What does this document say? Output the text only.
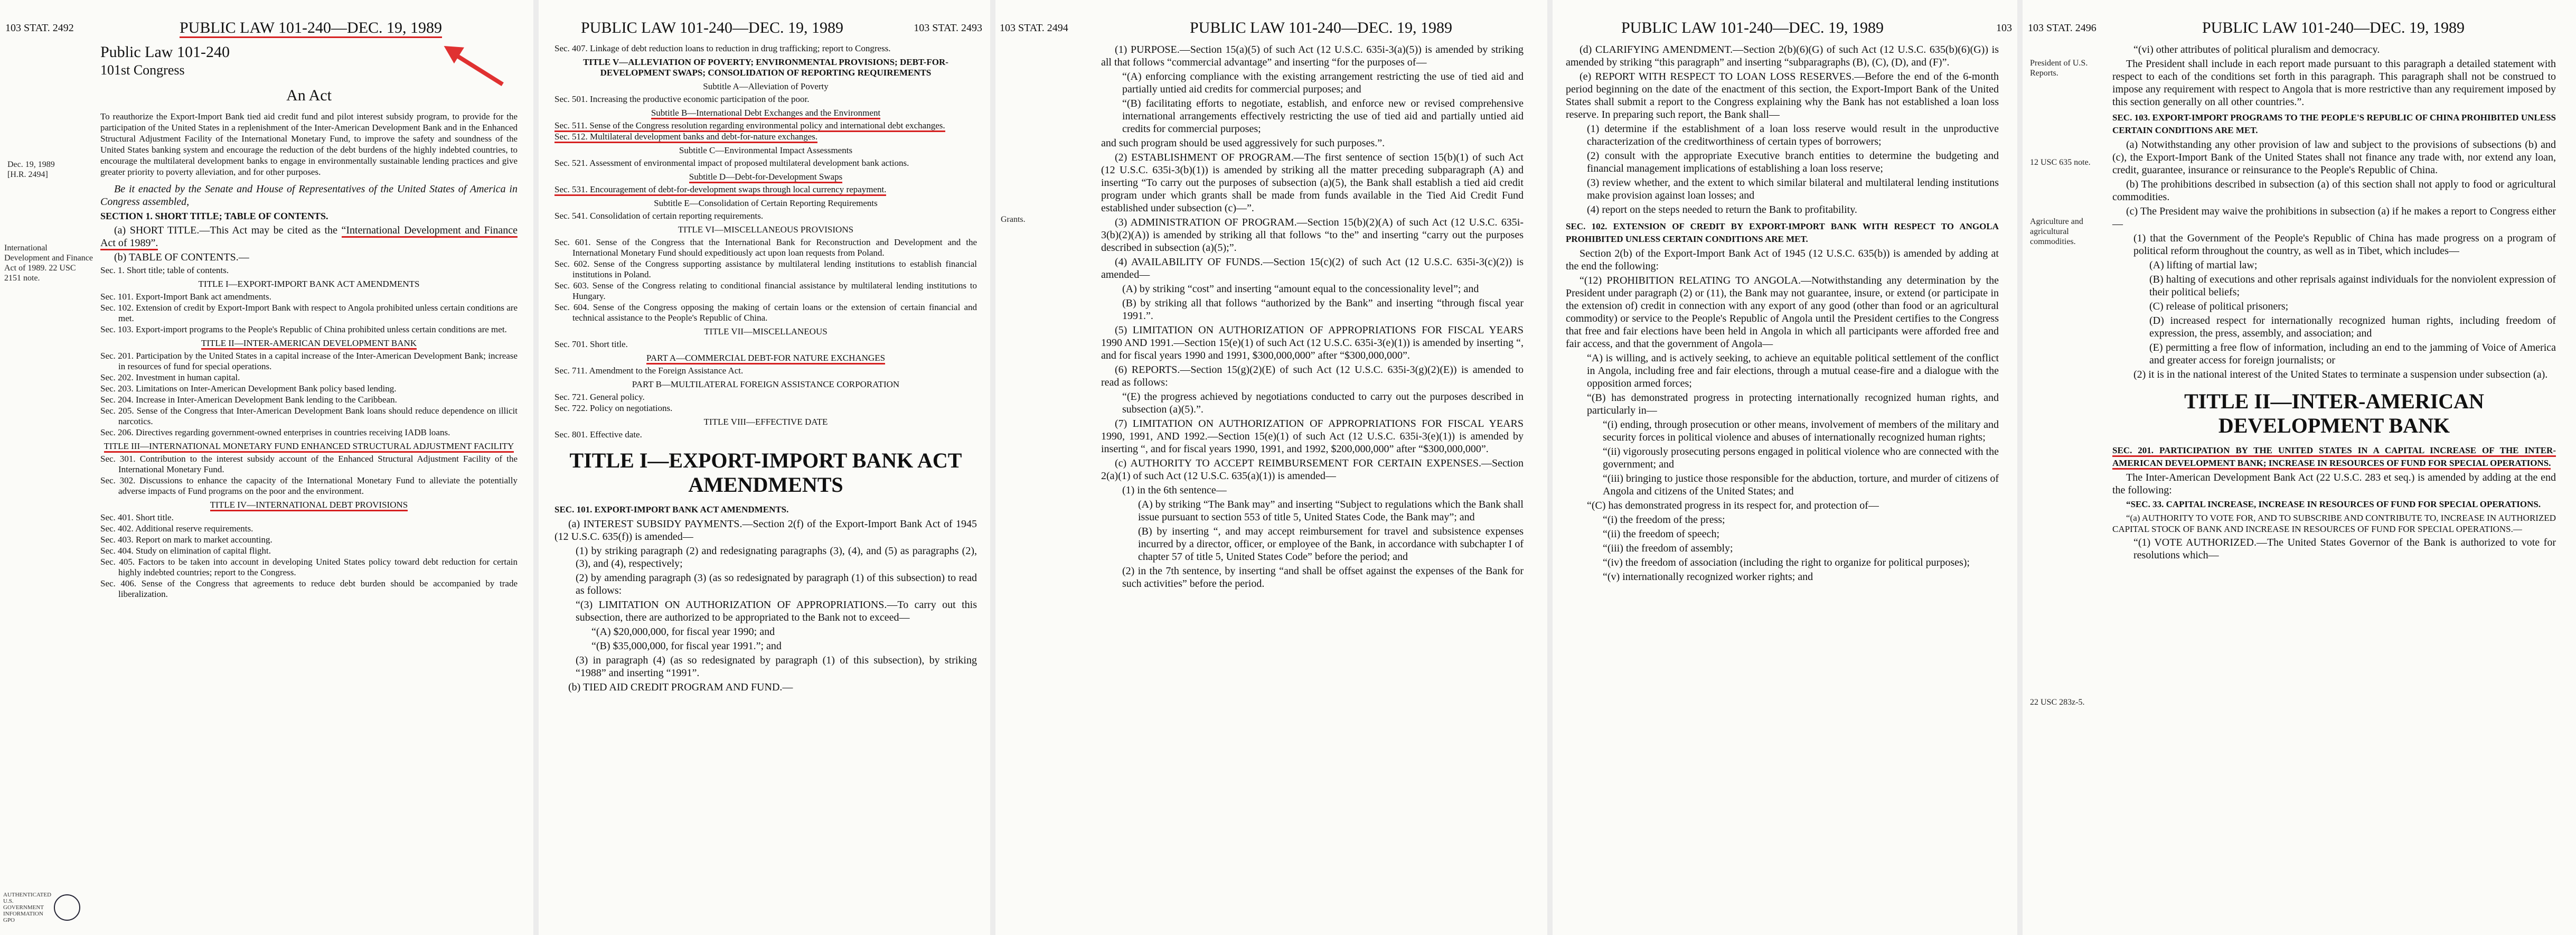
103 STAT. 2492	PUBLIC LAW 101-240—DEC. 19, 1989
Dec. 19, 1989
[H.R. 2494]
International Development and Finance Act of 1989. 22 USC 2151 note.
Public Law 101-240
101st Congress
An Act

To reauthorize the Export-Import Bank tied aid credit fund and pilot interest subsidy program, to provide for the participation of the United States in a replenishment of the Inter-American Development Bank and in the Enhanced Structural Adjustment Facility of the International Monetary Fund, to improve the safety and soundness of the United States banking system and encourage the reduction of the debt burdens of the highly indebted countries, to encourage the multilateral development banks to engage in environmentally sustainable lending practices and give greater priority to poverty alleviation, and for other purposes.

Be it enacted by the Senate and House of Representatives of the United States of America in Congress assembled,

SECTION 1. SHORT TITLE; TABLE OF CONTENTS.

(a) SHORT TITLE.—This Act may be cited as the “International Development and Finance Act of 1989”.

(b) TABLE OF CONTENTS.—

Sec. 1. Short title; table of contents.
TITLE I—EXPORT-IMPORT BANK ACT AMENDMENTS
Sec. 101. Export-Import Bank act amendments.
Sec. 102. Extension of credit by Export-Import Bank with respect to Angola prohibited unless certain conditions are met.
Sec. 103. Export-import programs to the People's Republic of China prohibited unless certain conditions are met.
TITLE II—INTER-AMERICAN DEVELOPMENT BANK
Sec. 201. Participation by the United States in a capital increase of the Inter-American Development Bank; increase in resources of fund for special operations.
Sec. 202. Investment in human capital.
Sec. 203. Limitations on Inter-American Development Bank policy based lending.
Sec. 204. Increase in Inter-American Development Bank lending to the Caribbean.
Sec. 205. Sense of the Congress that Inter-American Development Bank loans should reduce dependence on illicit narcotics.
Sec. 206. Directives regarding government-owned enterprises in countries receiving IADB loans.
TITLE III—INTERNATIONAL MONETARY FUND ENHANCED STRUCTURAL ADJUSTMENT FACILITY
Sec. 301. Contribution to the interest subsidy account of the Enhanced Structural Adjustment Facility of the International Monetary Fund.
Sec. 302. Discussions to enhance the capacity of the International Monetary Fund to alleviate the potentially adverse impacts of Fund programs on the poor and the environment.
TITLE IV—INTERNATIONAL DEBT PROVISIONS
Sec. 401. Short title.
Sec. 402. Additional reserve requirements.
Sec. 403. Report on mark to market accounting.
Sec. 404. Study on elimination of capital flight.
Sec. 405. Factors to be taken into account in developing United States policy toward debt reduction for certain highly indebted countries; report to the Congress.
Sec. 406. Sense of the Congress that agreements to reduce debt burden should be accompanied by trade liberalization.
AUTHENTICATED U.S. GOVERNMENT INFORMATION GPO
PUBLIC LAW 101-240—DEC. 19, 1989	103 STAT. 2493
Sec. 407. Linkage of debt reduction loans to reduction in drug trafficking; report to Congress.
TITLE V—ALLEVIATION OF POVERTY; ENVIRONMENTAL PROVISIONS; DEBT-FOR-DEVELOPMENT SWAPS; CONSOLIDATION OF REPORTING REQUIREMENTS
Subtitle A—Alleviation of Poverty
Sec. 501. Increasing the productive economic participation of the poor.
Subtitle B—International Debt Exchanges and the Environment
Sec. 511. Sense of the Congress resolution regarding environmental policy and international debt exchanges.
Sec. 512. Multilateral development banks and debt-for-nature exchanges.
Subtitle C—Environmental Impact Assessments
Sec. 521. Assessment of environmental impact of proposed multilateral development bank actions.
Subtitle D—Debt-for-Development Swaps
Sec. 531. Encouragement of debt-for-development swaps through local currency repayment.
Subtitle E—Consolidation of Certain Reporting Requirements
Sec. 541. Consolidation of certain reporting requirements.
TITLE VI—MISCELLANEOUS PROVISIONS
Sec. 601. Sense of the Congress that the International Bank for Reconstruction and Development and the International Monetary Fund should expeditiously act upon loan requests from Poland.
Sec. 602. Sense of the Congress supporting assistance by multilateral lending institutions to establish financial institutions in Poland.
Sec. 603. Sense of the Congress relating to conditional financial assistance by multilateral lending institutions to Hungary.
Sec. 604. Sense of the Congress opposing the making of certain loans or the extension of certain financial and technical assistance to the People's Republic of China.
TITLE VII—MISCELLANEOUS
Sec. 701. Short title.
PART A—COMMERCIAL DEBT-FOR NATURE EXCHANGES
Sec. 711. Amendment to the Foreign Assistance Act.
PART B—MULTILATERAL FOREIGN ASSISTANCE CORPORATION
Sec. 721. General policy.
Sec. 722. Policy on negotiations.
TITLE VIII—EFFECTIVE DATE
Sec. 801. Effective date.
TITLE I—EXPORT-IMPORT BANK ACT AMENDMENTS

SEC. 101. EXPORT-IMPORT BANK ACT AMENDMENTS.

(a) INTEREST SUBSIDY PAYMENTS.—Section 2(f) of the Export-Import Bank Act of 1945 (12 U.S.C. 635(f)) is amended—

(1) by striking paragraph (2) and redesignating paragraphs (3), (4), and (5) as paragraphs (2), (3), and (4), respectively;

(2) by amending paragraph (3) (as so redesignated by paragraph (1) of this subsection) to read as follows:

“(3) LIMITATION ON AUTHORIZATION OF APPROPRIATIONS.—To carry out this subsection, there are authorized to be appropriated to the Bank not to exceed—

“(A) $20,000,000, for fiscal year 1990; and

“(B) $35,000,000, for fiscal year 1991.”; and

(3) in paragraph (4) (as so redesignated by paragraph (1) of this subsection), by striking “1988” and inserting “1991”.

(b) TIED AID CREDIT PROGRAM AND FUND.—

103 STAT. 2494	PUBLIC LAW 101-240—DEC. 19, 1989
Grants.

(1) PURPOSE.—Section 15(a)(5) of such Act (12 U.S.C. 635i-3(a)(5)) is amended by striking all that follows “commercial advantage” and inserting “for the purposes of—

“(A) enforcing compliance with the existing arrangement restricting the use of tied aid and partially untied aid credits for commercial purposes; and

“(B) facilitating efforts to negotiate, establish, and enforce new or revised comprehensive international arrangements effectively restricting the use of tied aid and partially untied aid credits for commercial purposes;

and such program should be used aggressively for such purposes.”.

(2) ESTABLISHMENT OF PROGRAM.—The first sentence of section 15(b)(1) of such Act (12 U.S.C. 635i-3(b)(1)) is amended by striking all the matter preceding subparagraph (A) and inserting “To carry out the purposes of subsection (a)(5), the Bank shall establish a tied aid credit program under which grants shall be made from funds available in the Tied Aid Credit Fund established under subsection (c)—”.

(3) ADMINISTRATION OF PROGRAM.—Section 15(b)(2)(A) of such Act (12 U.S.C. 635i-3(b)(2)(A)) is amended by striking all that follows “to the” and inserting “carry out the purposes described in subsection (a)(5);”.

(4) AVAILABILITY OF FUNDS.—Section 15(c)(2) of such Act (12 U.S.C. 635i-3(c)(2)) is amended—

(A) by striking “cost” and inserting “amount equal to the concessionality level”; and

(B) by striking all that follows “authorized by the Bank” and inserting “through fiscal year 1991.”.

(5) LIMITATION ON AUTHORIZATION OF APPROPRIATIONS FOR FISCAL YEARS 1990 AND 1991.—Section 15(e)(1) of such Act (12 U.S.C. 635i-3(e)(1)) is amended by inserting “, and for fiscal years 1990 and 1991, $300,000,000” after “$300,000,000”.

(6) REPORTS.—Section 15(g)(2)(E) of such Act (12 U.S.C. 635i-3(g)(2)(E)) is amended to read as follows:

“(E) the progress achieved by negotiations conducted to carry out the purposes described in subsection (a)(5).”.

(7) LIMITATION ON AUTHORIZATION OF APPROPRIATIONS FOR FISCAL YEARS 1990, 1991, AND 1992.—Section 15(e)(1) of such Act (12 U.S.C. 635i-3(e)(1)) is amended by inserting “, and for fiscal years 1990, 1991, and 1992, $200,000,000” after “$300,000,000”.

(c) AUTHORITY TO ACCEPT REIMBURSEMENT FOR CERTAIN EXPENSES.—Section 2(a)(1) of such Act (12 U.S.C. 635(a)(1)) is amended—

(1) in the 6th sentence—

(A) by striking “The Bank may” and inserting “Subject to regulations which the Bank shall issue pursuant to section 553 of title 5, United States Code, the Bank may”; and

(B) by inserting “, and may accept reimbursement for travel and subsistence expenses incurred by a director, officer, or employee of the Bank, in accordance with subchapter I of chapter 57 of title 5, United States Code” before the period; and

(2) in the 7th sentence, by inserting “and shall be offset against the expenses of the Bank for such activities” before the period.

PUBLIC LAW 101-240—DEC. 19, 1989	103

(d) CLARIFYING AMENDMENT.—Section 2(b)(6)(G) of such Act (12 U.S.C. 635(b)(6)(G)) is amended by striking “this paragraph” and inserting “subparagraphs (B), (C), (D), and (F)”.

(e) REPORT WITH RESPECT TO LOAN LOSS RESERVES.—Before the end of the 6-month period beginning on the date of the enactment of this section, the Export-Import Bank of the United States shall submit a report to the Congress explaining why the Bank has not established a loan loss reserve. In preparing such report, the Bank shall—

(1) determine if the establishment of a loan loss reserve would result in the unproductive characterization of the creditworthiness of certain types of borrowers;

(2) consult with the appropriate Executive branch entities to determine the budgeting and financial management implications of establishing a loan loss reserve;

(3) review whether, and the extent to which similar bilateral and multilateral lending institutions make provision against loan losses; and

(4) report on the steps needed to return the Bank to profitability.

SEC. 102. EXTENSION OF CREDIT BY EXPORT-IMPORT BANK WITH RESPECT TO ANGOLA PROHIBITED UNLESS CERTAIN CONDITIONS ARE MET.

Section 2(b) of the Export-Import Bank Act of 1945 (12 U.S.C. 635(b)) is amended by adding at the end the following:

“(12) PROHIBITION RELATING TO ANGOLA.—Notwithstanding any determination by the President under paragraph (2) or (11), the Bank may not guarantee, insure, or extend (or participate in the extension of) credit in connection with any export of any good (other than food or an agricultural commodity) or service to the People's Republic of Angola until the President certifies to the Congress that free and fair elections have been held in Angola in which all participants were afforded free and fair access, and that the government of Angola—

“A) is willing, and is actively seeking, to achieve an equitable political settlement of the conflict in Angola, including free and fair elections, through a mutual cease-fire and a dialogue with the opposition armed forces;

“(B) has demonstrated progress in protecting internationally recognized human rights, and particularly in—

“(i) ending, through prosecution or other means, involvement of members of the military and security forces in political violence and abuses of internationally recognized human rights;

“(ii) vigorously prosecuting persons engaged in political violence who are connected with the government; and

“(iii) bringing to justice those responsible for the abduction, torture, and murder of citizens of Angola and citizens of the United States; and

“(C) has demonstrated progress in its respect for, and protection of—

“(i) the freedom of the press;

“(ii) the freedom of speech;

“(iii) the freedom of assembly;

“(iv) the freedom of association (including the right to organize for political purposes);

“(v) internationally recognized worker rights; and

103 STAT. 2496	PUBLIC LAW 101-240—DEC. 19, 1989
President of U.S. Reports.
12 USC 635 note.
Agriculture and agricultural commodities.
22 USC 283z-5.

“(vi) other attributes of political pluralism and democracy.

The President shall include in each report made pursuant to this paragraph a detailed statement with respect to each of the conditions set forth in this paragraph. This paragraph shall not be construed to impose any requirement with respect to Angola that is more restrictive than any requirement imposed by this section generally on all other countries.”.

SEC. 103. EXPORT-IMPORT PROGRAMS TO THE PEOPLE'S REPUBLIC OF CHINA PROHIBITED UNLESS CERTAIN CONDITIONS ARE MET.

(a) Notwithstanding any other provision of law and subject to the provisions of subsections (b) and (c), the Export-Import Bank of the United States shall not finance any trade with, nor extend any loan, credit, guarantee, insurance or reinsurance to the People's Republic of China.

(b) The prohibitions described in subsection (a) of this section shall not apply to food or agricultural commodities.

(c) The President may waive the prohibitions in subsection (a) if he makes a report to Congress either—

(1) that the Government of the People's Republic of China has made progress on a program of political reform throughout the country, as well as in Tibet, which includes—

(A) lifting of martial law;

(B) halting of executions and other reprisals against individuals for the nonviolent expression of their political beliefs;

(C) release of political prisoners;

(D) increased respect for internationally recognized human rights, including freedom of expression, the press, assembly, and association; and

(E) permitting a free flow of information, including an end to the jamming of Voice of America and greater access for foreign journalists; or

(2) it is in the national interest of the United States to terminate a suspension under subsection (a).

TITLE II—INTER-AMERICAN DEVELOPMENT BANK

SEC. 201. PARTICIPATION BY THE UNITED STATES IN A CAPITAL INCREASE OF THE INTER-AMERICAN DEVELOPMENT BANK; INCREASE IN RESOURCES OF FUND FOR SPECIAL OPERATIONS.

The Inter-American Development Bank Act (22 U.S.C. 283 et seq.) is amended by adding at the end the following:

“SEC. 33. CAPITAL INCREASE, INCREASE IN RESOURCES OF FUND FOR SPECIAL OPERATIONS.

“(a) AUTHORITY TO VOTE FOR, AND TO SUBSCRIBE AND CONTRIBUTE TO, INCREASE IN AUTHORIZED CAPITAL STOCK OF BANK AND INCREASE IN RESOURCES OF FUND FOR SPECIAL OPERATIONS.—

“(1) VOTE AUTHORIZED.—The United States Governor of the Bank is authorized to vote for resolutions which—
